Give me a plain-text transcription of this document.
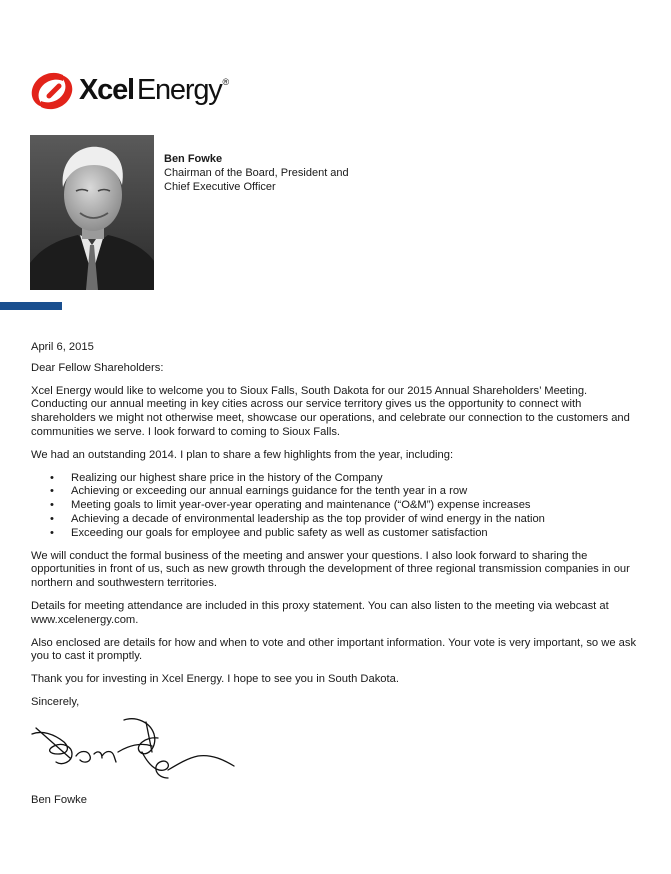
Xcel Energy®
Ben Fowke
Chairman of the Board, President and
Chief Executive Officer

April 6, 2015

Dear Fellow Shareholders:

Xcel Energy would like to welcome you to Sioux Falls, South Dakota for our 2015 Annual Shareholders’ Meeting. Conducting our annual meeting in key cities across our service territory gives us the opportunity to connect with shareholders we might not otherwise meet, showcase our operations, and celebrate our connection to the customers and communities we serve. I look forward to coming to Sioux Falls.

We had an outstanding 2014. I plan to share a few highlights from the year, including:

• Realizing our highest share price in the history of the Company
• Achieving or exceeding our annual earnings guidance for the tenth year in a row
• Meeting goals to limit year-over-year operating and maintenance (“O&M”) expense increases
• Achieving a decade of environmental leadership as the top provider of wind energy in the nation
• Exceeding our goals for employee and public safety as well as customer satisfaction

We will conduct the formal business of the meeting and answer your questions. I also look forward to sharing the opportunities in front of us, such as new growth through the development of three regional transmission companies in our northern and southwestern territories.

Details for meeting attendance are included in this proxy statement. You can also listen to the meeting via webcast at www.xcelenergy.com.

Also enclosed are details for how and when to vote and other important information. Your vote is very important, so we ask you to cast it promptly.

Thank you for investing in Xcel Energy. I hope to see you in South Dakota.

Sincerely,

Ben Fowke
